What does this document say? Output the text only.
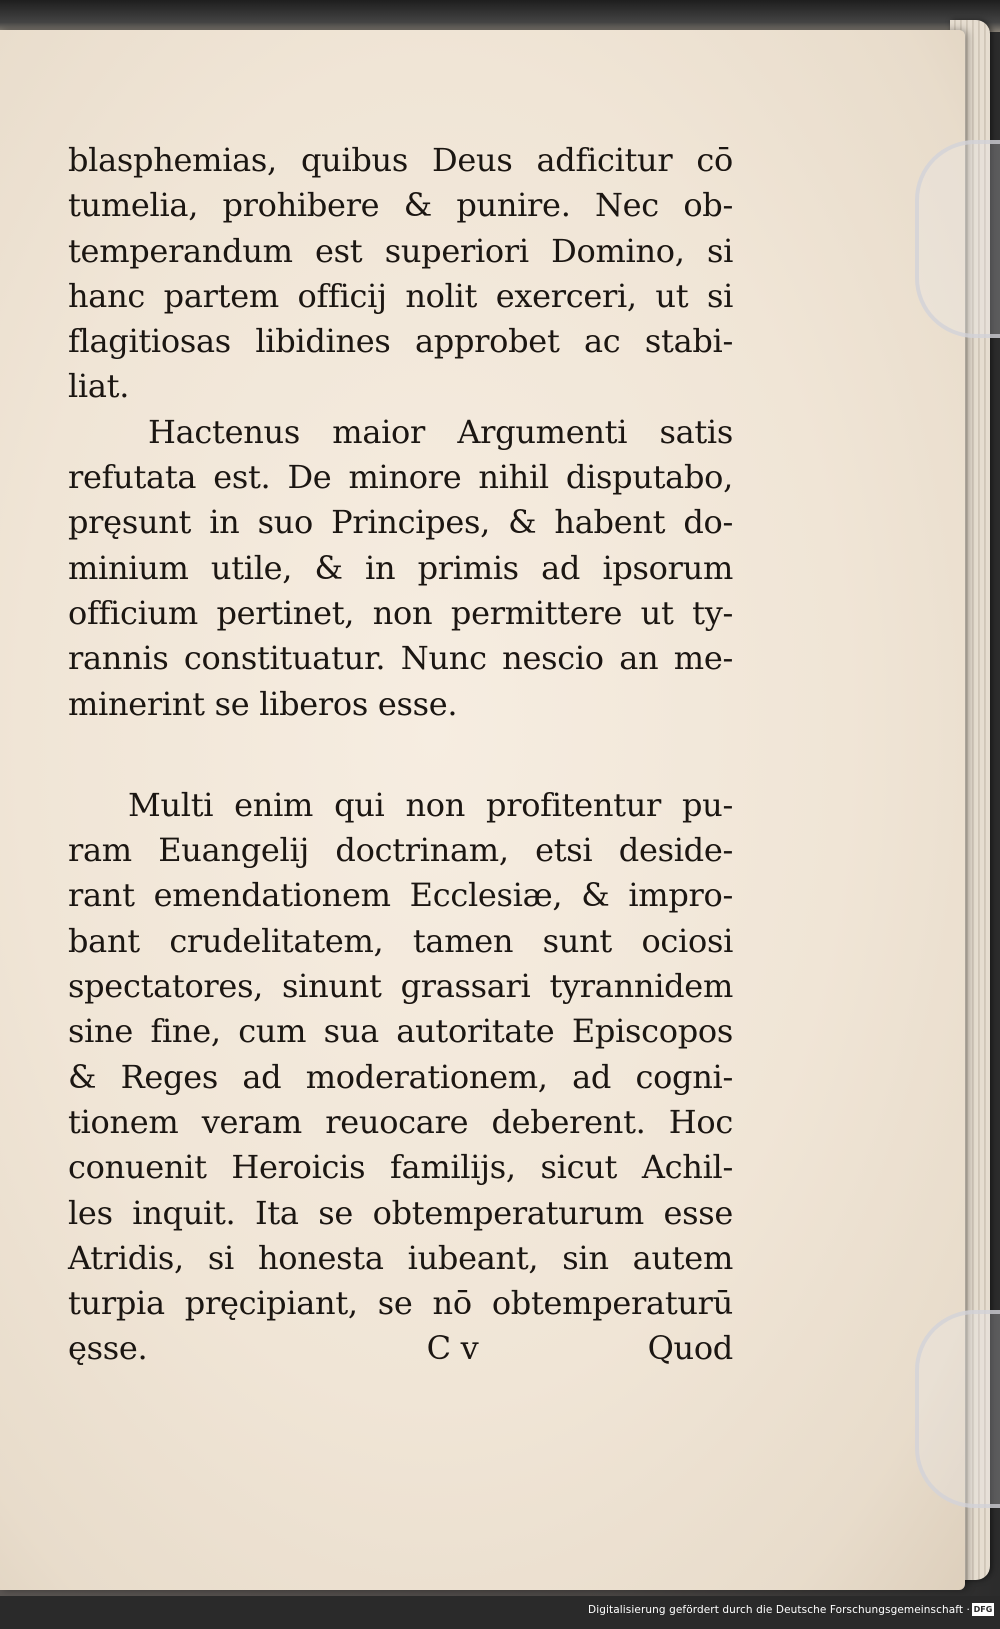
blasphemias, quibus Deus adficitur cō
tumelia, prohibere & punire. Nec ob-
temperandum est superiori Domino, si
hanc partem officij nolit exerceri, ut si
flagitiosas libidines approbet ac stabi-
liat.
Hactenus maior Argumenti satis
refutata est. De minore nihil disputabo,
pręsunt in suo Principes, & habent do-
minium utile, & in primis ad ipsorum
officium pertinet, non permittere ut ty-
rannis constituatur. Nunc nescio an me-
minerint se liberos esse.
Multi enim qui non profitentur pu-
ram Euangelij doctrinam, etsi deside-
rant emendationem Ecclesiæ, & impro-
bant crudelitatem, tamen sunt ociosi
spectatores, sinunt grassari tyrannidem
sine fine, cum sua autoritate Episcopos
& Reges ad moderationem, ad cogni-
tionem veram reuocare deberent. Hoc
conuenit Heroicis familijs, sicut Achil-
les inquit. Ita se obtemperaturum esse
Atridis, si honesta iubeant, sin autem
turpia pręcipiant, se nō obtemperaturū
ęsse.	C v	Quod
Digitalisierung gefördert durch die Deutsche Forschungsgemeinschaft · DFG
